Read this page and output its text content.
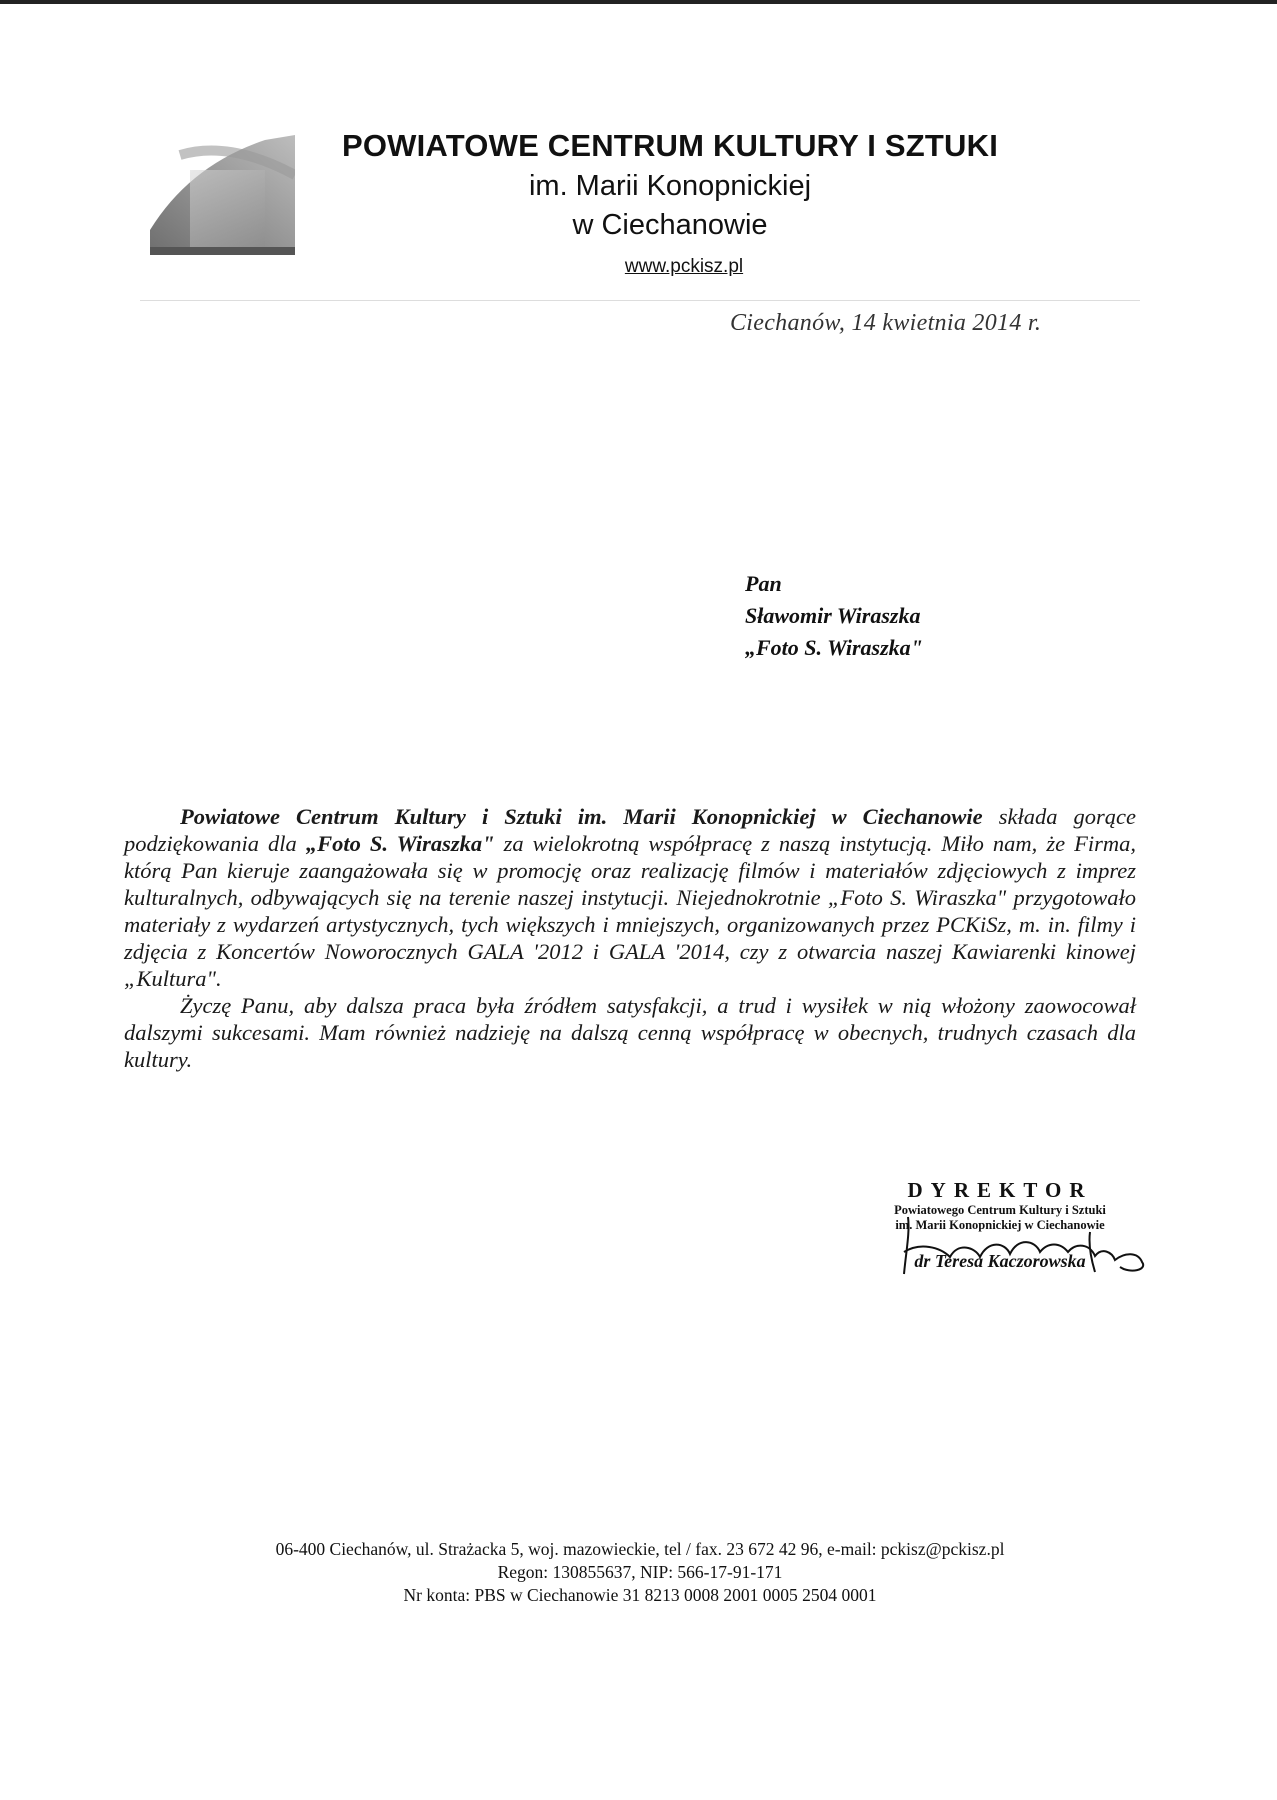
POWIATOWE CENTRUM KULTURY I SZTUKI
im. Marii Konopnickiej
w Ciechanowie
www.pckisz.pl
Ciechanów, 14 kwietnia 2014 r.
Pan
Sławomir Wiraszka
„Foto S. Wiraszka"

Powiatowe Centrum Kultury i Sztuki im. Marii Konopnickiej w Ciechanowie składa gorące podziękowania dla „Foto S. Wiraszka" za wielokrotną współpracę z naszą instytucją. Miło nam, że Firma, którą Pan kieruje zaangażowała się w promocję oraz realizację filmów i materiałów zdjęciowych z imprez kulturalnych, odbywających się na terenie naszej instytucji. Niejednokrotnie „Foto S. Wiraszka" przygotowało materiały z wydarzeń artystycznych, tych większych i mniejszych, organizowanych przez PCKiSz, m. in. filmy i zdjęcia z Koncertów Noworocznych GALA '2012 i GALA '2014, czy z otwarcia naszej Kawiarenki kinowej „Kultura".

Życzę Panu, aby dalsza praca była źródłem satysfakcji, a trud i wysiłek w nią włożony zaowocował dalszymi sukcesami. Mam również nadzieję na dalszą cenną współpracę w obecnych, trudnych czasach dla kultury.

DYREKTOR
Powiatowego Centrum Kultury i Sztuki
im. Marii Konopnickiej w Ciechanowie
dr Teresa Kaczorowska
06-400 Ciechanów, ul. Strażacka 5, woj. mazowieckie, tel / fax. 23 672 42 96, e-mail: pckisz@pckisz.pl
Regon: 130855637, NIP: 566-17-91-171
Nr konta: PBS w Ciechanowie 31 8213 0008 2001 0005 2504 0001
